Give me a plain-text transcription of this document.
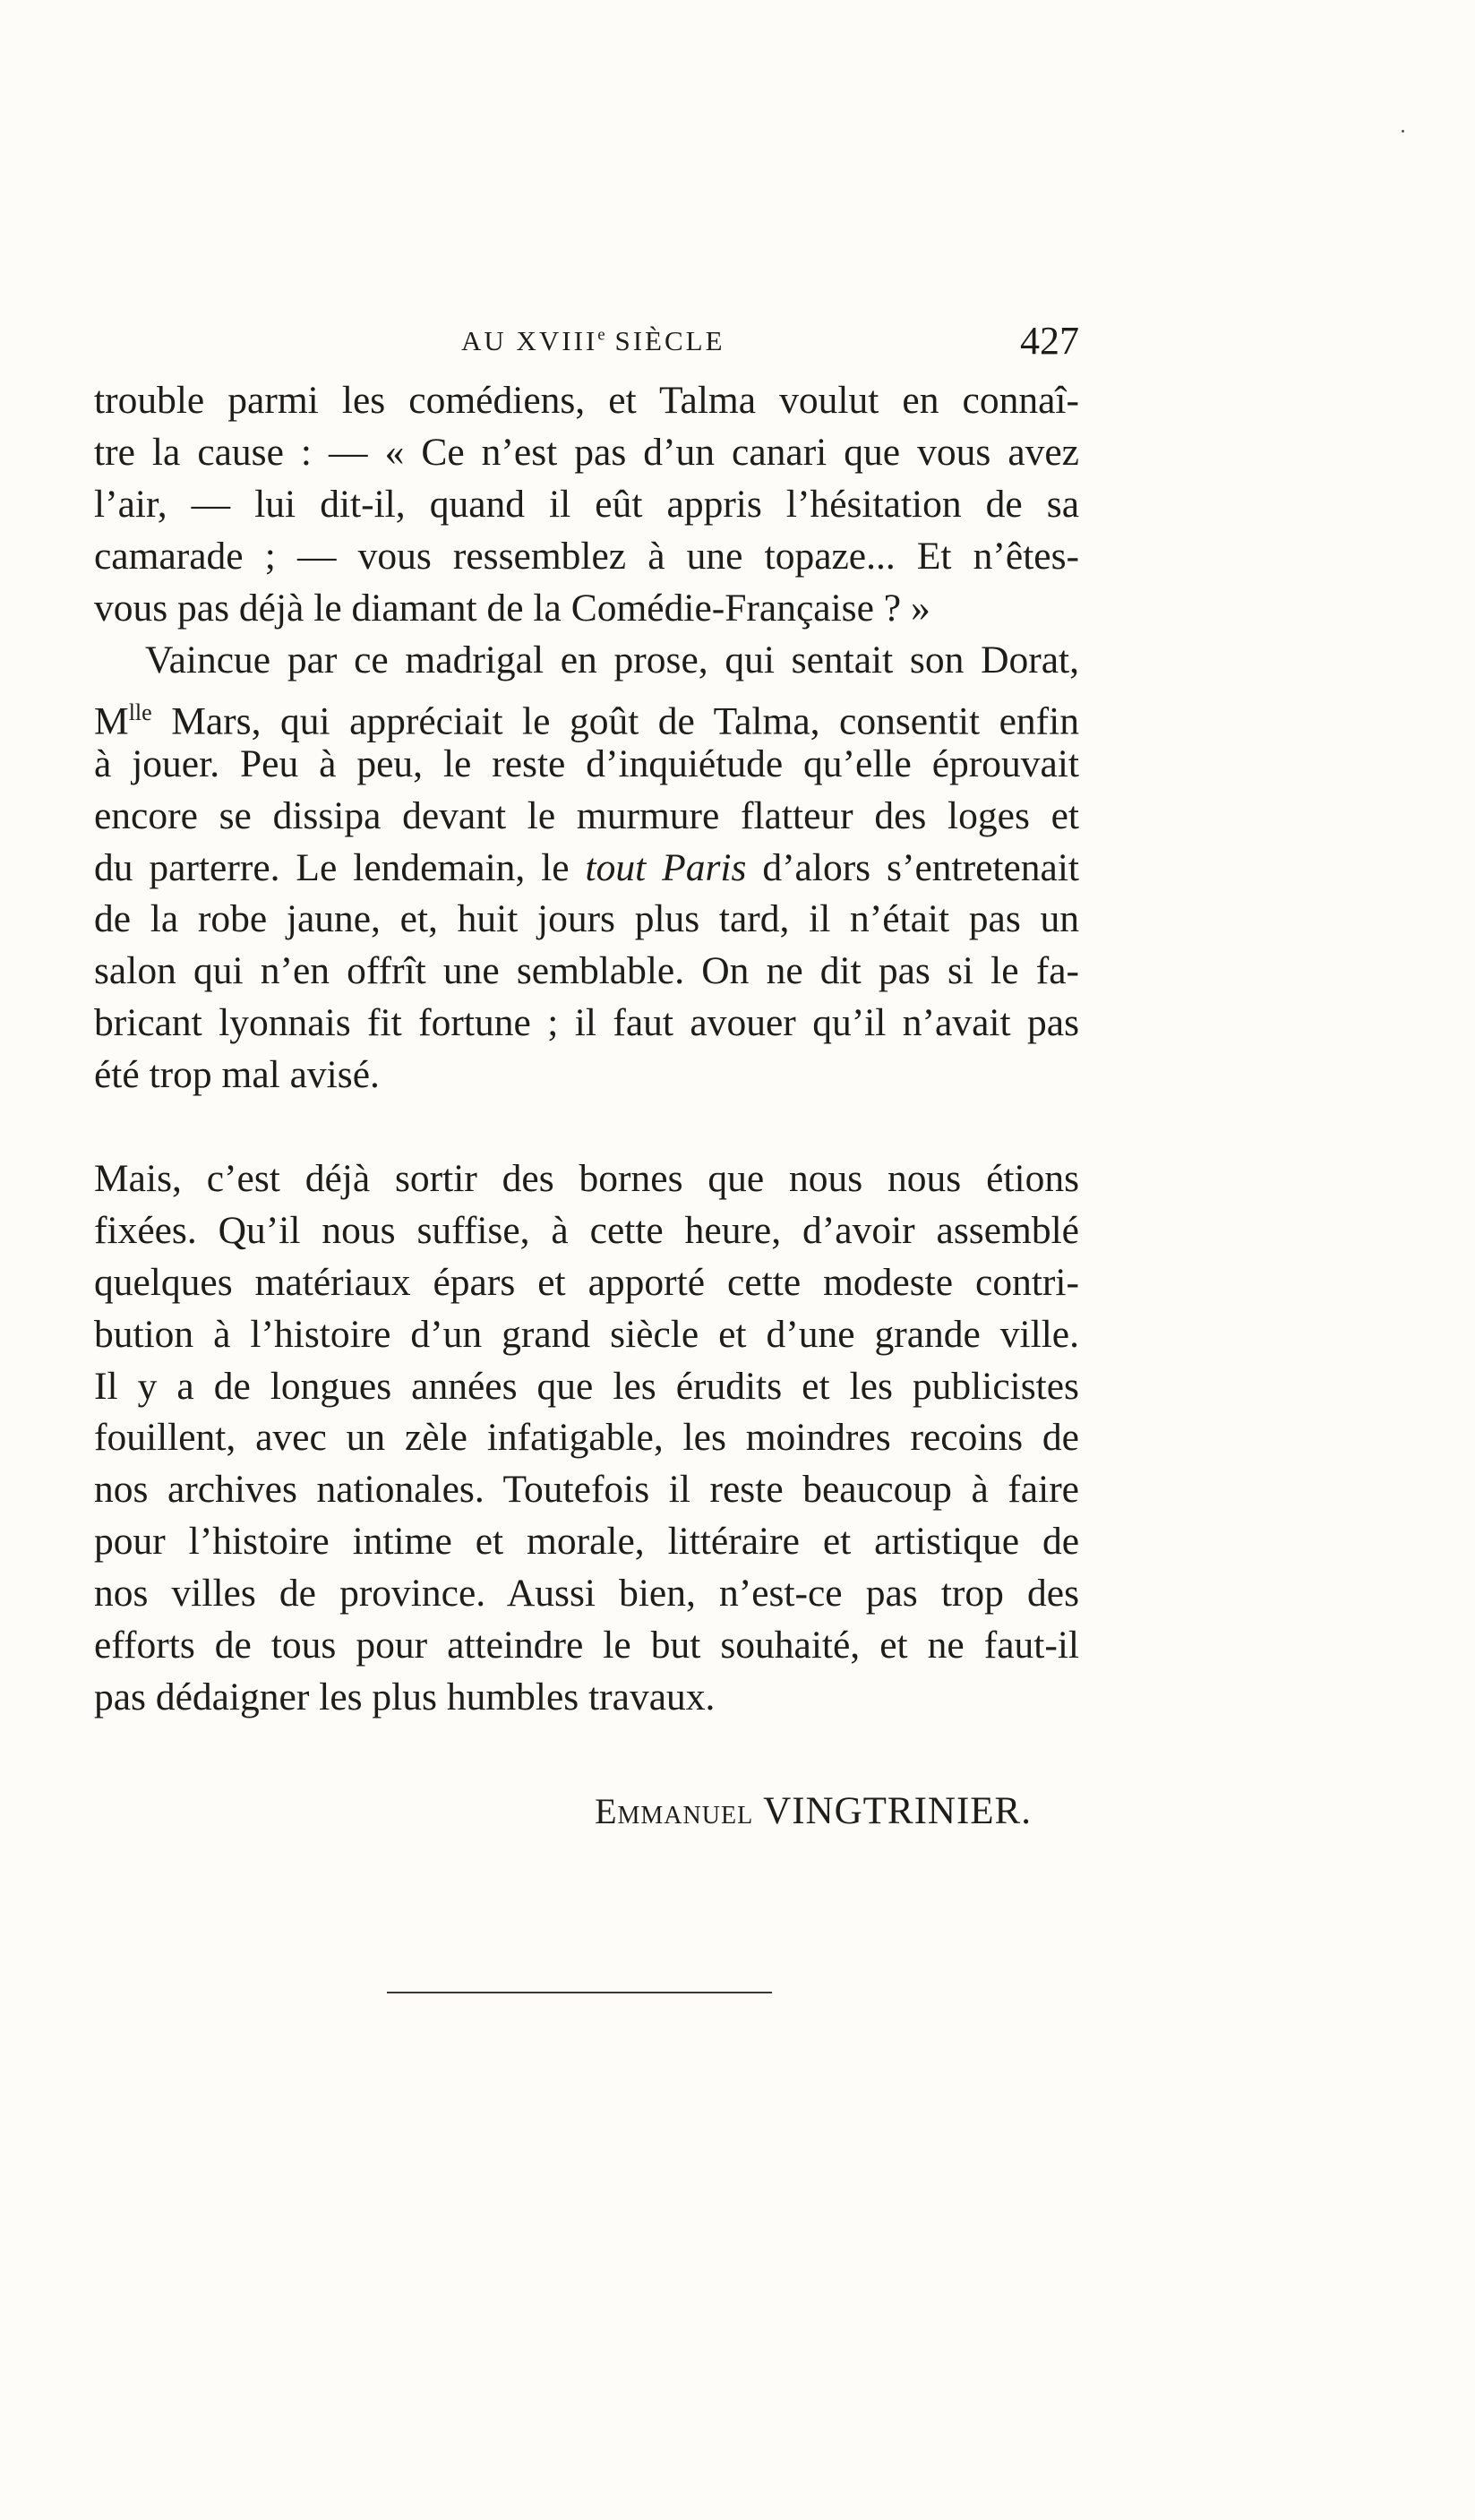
AU XVIIIe SIÈCLE	427
trouble parmi les comédiens, et Talma voulut en connaî-
tre la cause : — « Ce n’est pas d’un canari que vous avez
l’air, — lui dit-il, quand il eût appris l’hésitation de sa
camarade ; — vous ressemblez à une topaze... Et n’êtes-
vous pas déjà le diamant de la Comédie-Française ? »
Vaincue par ce madrigal en prose, qui sentait son Dorat,
$M^{lle}$ Mars, qui appréciait le goût de Talma, consentit enfin
à jouer. Peu à peu, le reste d’inquiétude qu’elle éprouvait
encore se dissipa devant le murmure flatteur des loges et
du parterre. Le lendemain, le tout Paris d’alors s’entretenait
de la robe jaune, et, huit jours plus tard, il n’était pas un
salon qui n’en offrît une semblable. On ne dit pas si le fa-
bricant lyonnais fit fortune ; il faut avouer qu’il n’avait pas
été trop mal avisé.
Mais, c’est déjà sortir des bornes que nous nous étions
fixées. Qu’il nous suffise, à cette heure, d’avoir assemblé
quelques matériaux épars et apporté cette modeste contri-
bution à l’histoire d’un grand siècle et d’une grande ville.
Il y a de longues années que les érudits et les publicistes
fouillent, avec un zèle infatigable, les moindres recoins de
nos archives nationales. Toutefois il reste beaucoup à faire
pour l’histoire intime et morale, littéraire et artistique de
nos villes de province. Aussi bien, n’est-ce pas trop des
efforts de tous pour atteindre le but souhaité, et ne faut-il
pas dédaigner les plus humbles travaux.
Emmanuel VINGTRINIER.
